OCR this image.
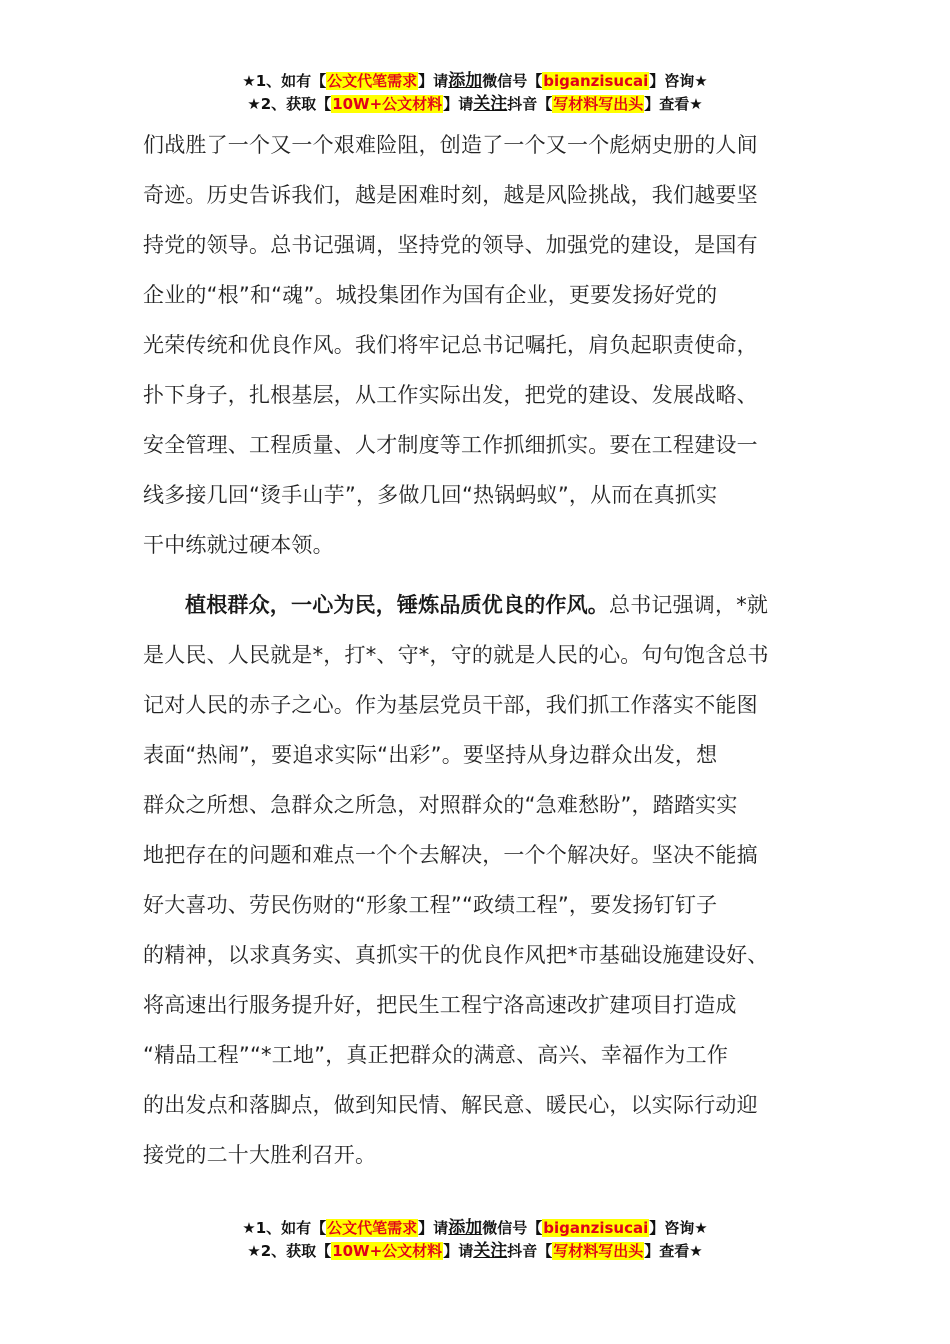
★1、如有【公文代笔需求】请添加微信号【biganzisucai】咨询★
★2、获取【10W+公文材料】请关注抖音【写材料写出头】查看★

们战胜了一个又一个艰难险阻，创造了一个又一个彪炳史册的人间
奇迹。历史告诉我们，越是困难时刻，越是风险挑战，我们越要坚
持党的领导。总书记强调，坚持党的领导、加强党的建设，是国有
企业的“根”和“魂”。城投集团作为国有企业，更要发扬好党的
光荣传统和优良作风。我们将牢记总书记嘱托，肩负起职责使命，
扑下身子，扎根基层，从工作实际出发，把党的建设、发展战略、
安全管理、工程质量、人才制度等工作抓细抓实。要在工程建设一
线多接几回“烫手山芋”，多做几回“热锅蚂蚁”，从而在真抓实
干中练就过硬本领。

植根群众，一心为民，锤炼品质优良的作风。总书记强调，*就

是人民、人民就是*，打*、守*，守的就是人民的心。句句饱含总书
记对人民的赤子之心。作为基层党员干部，我们抓工作落实不能图
表面“热闹”，要追求实际“出彩”。要坚持从身边群众出发，想
群众之所想、急群众之所急，对照群众的“急难愁盼”，踏踏实实
地把存在的问题和难点一个个去解决，一个个解决好。坚决不能搞
好大喜功、劳民伤财的“形象工程”“政绩工程”，要发扬钉钉子
的精神，以求真务实、真抓实干的优良作风把*市基础设施建设好、
将高速出行服务提升好，把民生工程宁洛高速改扩建项目打造成
“精品工程”“*工地”，真正把群众的满意、高兴、幸福作为工作
的出发点和落脚点，做到知民情、解民意、暖民心，以实际行动迎
接党的二十大胜利召开。

★1、如有【公文代笔需求】请添加微信号【biganzisucai】咨询★
★2、获取【10W+公文材料】请关注抖音【写材料写出头】查看★
